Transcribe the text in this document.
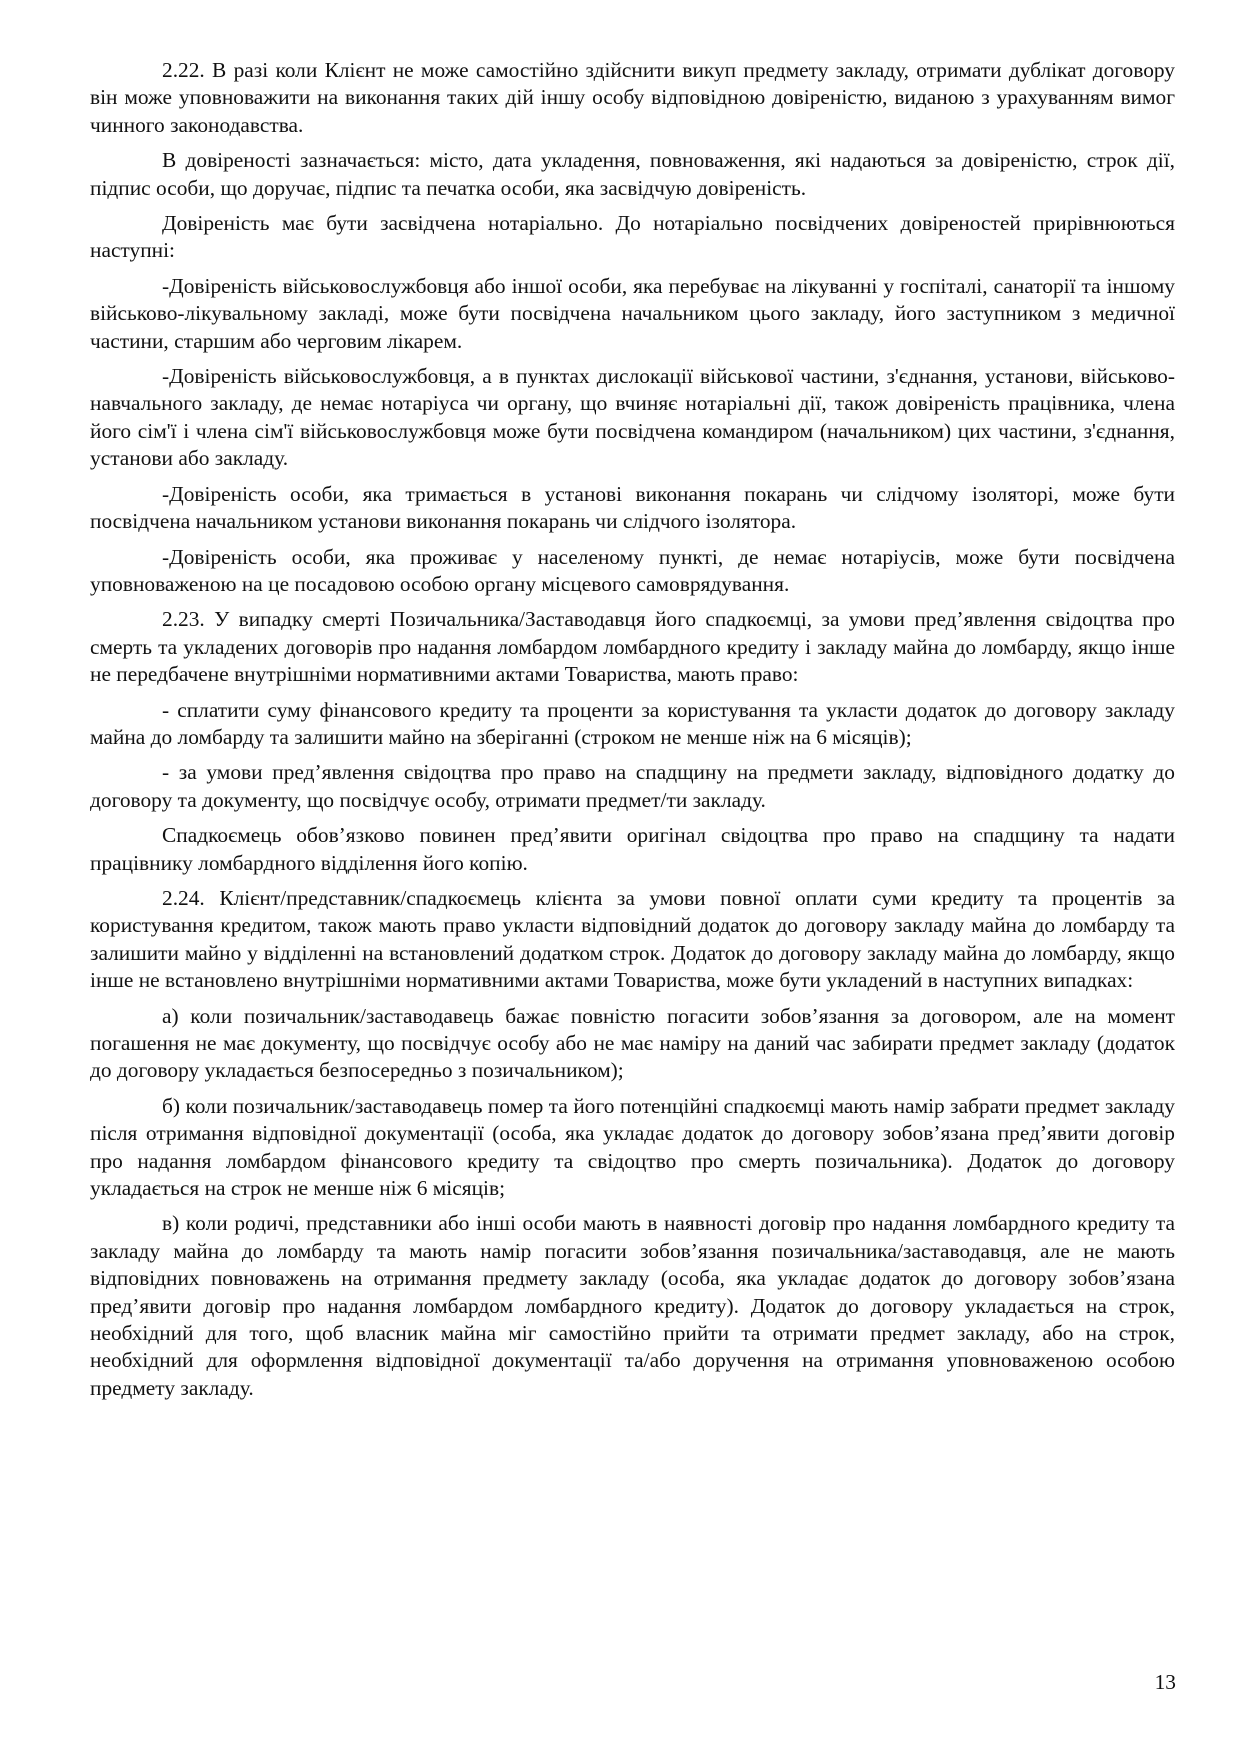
2.22. В разі коли Клієнт не може самостійно здійснити викуп предмету закладу, отримати дублікат договору він може уповноважити на виконання таких дій іншу особу відповідною довіреністю, виданою з урахуванням вимог чинного законодавства.

В довіреності зазначається: місто, дата укладення, повноваження, які надаються за довіреністю, строк дії, підпис особи, що доручає, підпис та печатка особи, яка засвідчую довіреність.

Довіреність має бути засвідчена нотаріально. До нотаріально посвідчених довіреностей прирівнюються наступні:

-Довіреність військовослужбовця або іншої особи, яка перебуває на лікуванні у госпіталі, санаторії та іншому військово-лікувальному закладі, може бути посвідчена начальником цього закладу, його заступником з медичної частини, старшим або черговим лікарем.

-Довіреність військовослужбовця, а в пунктах дислокації військової частини, з'єднання, установи, військово-навчального закладу, де немає нотаріуса чи органу, що вчиняє нотаріальні дії, також довіреність працівника, члена його сім'ї і члена сім'ї військовослужбовця може бути посвідчена командиром (начальником) цих частини, з'єднання, установи або закладу.

-Довіреність особи, яка тримається в установі виконання покарань чи слідчому ізоляторі, може бути посвідчена начальником установи виконання покарань чи слідчого ізолятора.

-Довіреність особи, яка проживає у населеному пункті, де немає нотаріусів, може бути посвідчена уповноваженою на це посадовою особою органу місцевого самоврядування.

2.23. У випадку смерті Позичальника/Заставодавця його спадкоємці, за умови пред’явлення свідоцтва про смерть та укладених договорів про надання ломбардом ломбардного кредиту і закладу майна до ломбарду, якщо інше не передбачене внутрішніми нормативними актами Товариства, мають право:

- сплатити суму фінансового кредиту та проценти за користування та укласти додаток до договору закладу майна до ломбарду та залишити майно на зберіганні (строком не менше ніж на 6 місяців);

- за умови пред’явлення свідоцтва про право на спадщину на предмети закладу, відповідного додатку до договору та документу, що посвідчує особу, отримати предмет/ти закладу.

Спадкоємець обов’язково повинен пред’явити оригінал свідоцтва про право на спадщину та надати працівнику ломбардного відділення його копію.

2.24. Клієнт/представник/спадкоємець клієнта за умови повної оплати суми кредиту та процентів за користування кредитом, також мають право укласти відповідний додаток до договору закладу майна до ломбарду та залишити майно у відділенні на встановлений додатком строк. Додаток до договору закладу майна до ломбарду, якщо інше не встановлено внутрішніми нормативними актами Товариства, може бути укладений в наступних випадках:

а) коли позичальник/заставодавець бажає повністю погасити зобов’язання за договором, але на момент погашення не має документу, що посвідчує особу або не має наміру на даний час забирати предмет закладу (додаток до договору укладається безпосередньо з позичальником);

б) коли позичальник/заставодавець помер та його потенційні спадкоємці мають намір забрати предмет закладу після отримання відповідної документації (особа, яка укладає додаток до договору зобов’язана пред’явити договір про надання ломбардом фінансового кредиту та свідоцтво про смерть позичальника). Додаток до договору укладається на строк не менше ніж 6 місяців;

в) коли родичі, представники або інші особи мають в наявності договір про надання ломбардного кредиту та закладу майна до ломбарду та мають намір погасити зобов’язання позичальника/заставодавця, але не мають відповідних повноважень на отримання предмету закладу (особа, яка укладає додаток до договору зобов’язана пред’явити договір про надання ломбардом ломбардного кредиту). Додаток до договору укладається на строк, необхідний для того, щоб власник майна міг самостійно прийти та отримати предмет закладу, або на строк, необхідний для оформлення відповідної документації та/або доручення на отримання уповноваженою особою предмету закладу.

13
